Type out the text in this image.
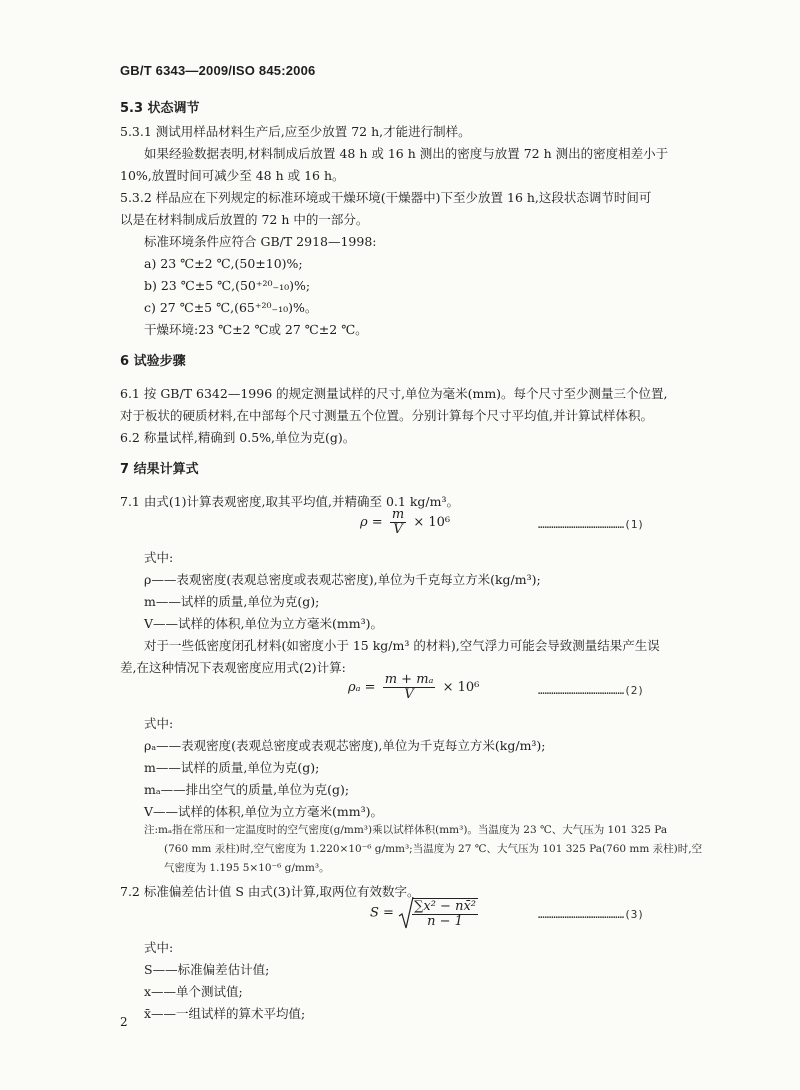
GB/T 6343—2009/ISO 845:2006
5.3 状态调节
5.3.1 测试用样品材料生产后,应至少放置 72 h,才能进行制样。
如果经验数据表明,材料制成后放置 48 h 或 16 h 测出的密度与放置 72 h 测出的密度相差小于
10%,放置时间可减少至 48 h 或 16 h。
5.3.2 样品应在下列规定的标准环境或干燥环境(干燥器中)下至少放置 16 h,这段状态调节时间可
以是在材料制成后放置的 72 h 中的一部分。
标准环境条件应符合 GB/T 2918—1998:
a) 23 ℃±2 ℃,(50±10)%;
b) 23 ℃±5 ℃,(50⁺²⁰₋₁₀)%;
c) 27 ℃±5 ℃,(65⁺²⁰₋₁₀)%。
干燥环境:23 ℃±2 ℃或 27 ℃±2 ℃。
6 试验步骤
6.1 按 GB/T 6342—1996 的规定测量试样的尺寸,单位为毫米(mm)。每个尺寸至少测量三个位置,
对于板状的硬质材料,在中部每个尺寸测量五个位置。分别计算每个尺寸平均值,并计算试样体积。
6.2 称量试样,精确到 0.5%,单位为克(g)。
7 结果计算式
7.1 由式(1)计算表观密度,取其平均值,并精确至 0.1 kg/m³。
式中:
ρ——表观密度(表观总密度或表观芯密度),单位为千克每立方米(kg/m³);
m——试样的质量,单位为克(g);
V——试样的体积,单位为立方毫米(mm³)。
对于一些低密度闭孔材料(如密度小于 15 kg/m³ 的材料),空气浮力可能会导致测量结果产生误
差,在这种情况下表观密度应用式(2)计算:
式中:
ρₐ——表观密度(表观总密度或表观芯密度),单位为千克每立方米(kg/m³);
m——试样的质量,单位为克(g);
mₐ——排出空气的质量,单位为克(g);
V——试样的体积,单位为立方毫米(mm³)。
注:mₐ指在常压和一定温度时的空气密度(g/mm³)乘以试样体积(mm³)。当温度为 23 ℃、大气压为 101 325 Pa
(760 mm 汞柱)时,空气密度为 1.220×10⁻⁶ g/mm³;当温度为 27 ℃、大气压为 101 325 Pa(760 mm 汞柱)时,空
气密度为 1.195 5×10⁻⁶ g/mm³。
7.2 标准偏差估计值 S 由式(3)计算,取两位有效数字。
式中:
S——标准偏差估计值;
x——单个测试值;
x̄——一组试样的算术平均值;
$\rho = \frac{m}{V} \times 10^6$	…………………………………(1)
$\rho_a = \frac{\text{m + mₐ}}{V} \times 10^6$	…………………………………(2)
$S = \frac{\text{∑x² − nx̄²}}{n - 1}$	…………………………………(3)
2
